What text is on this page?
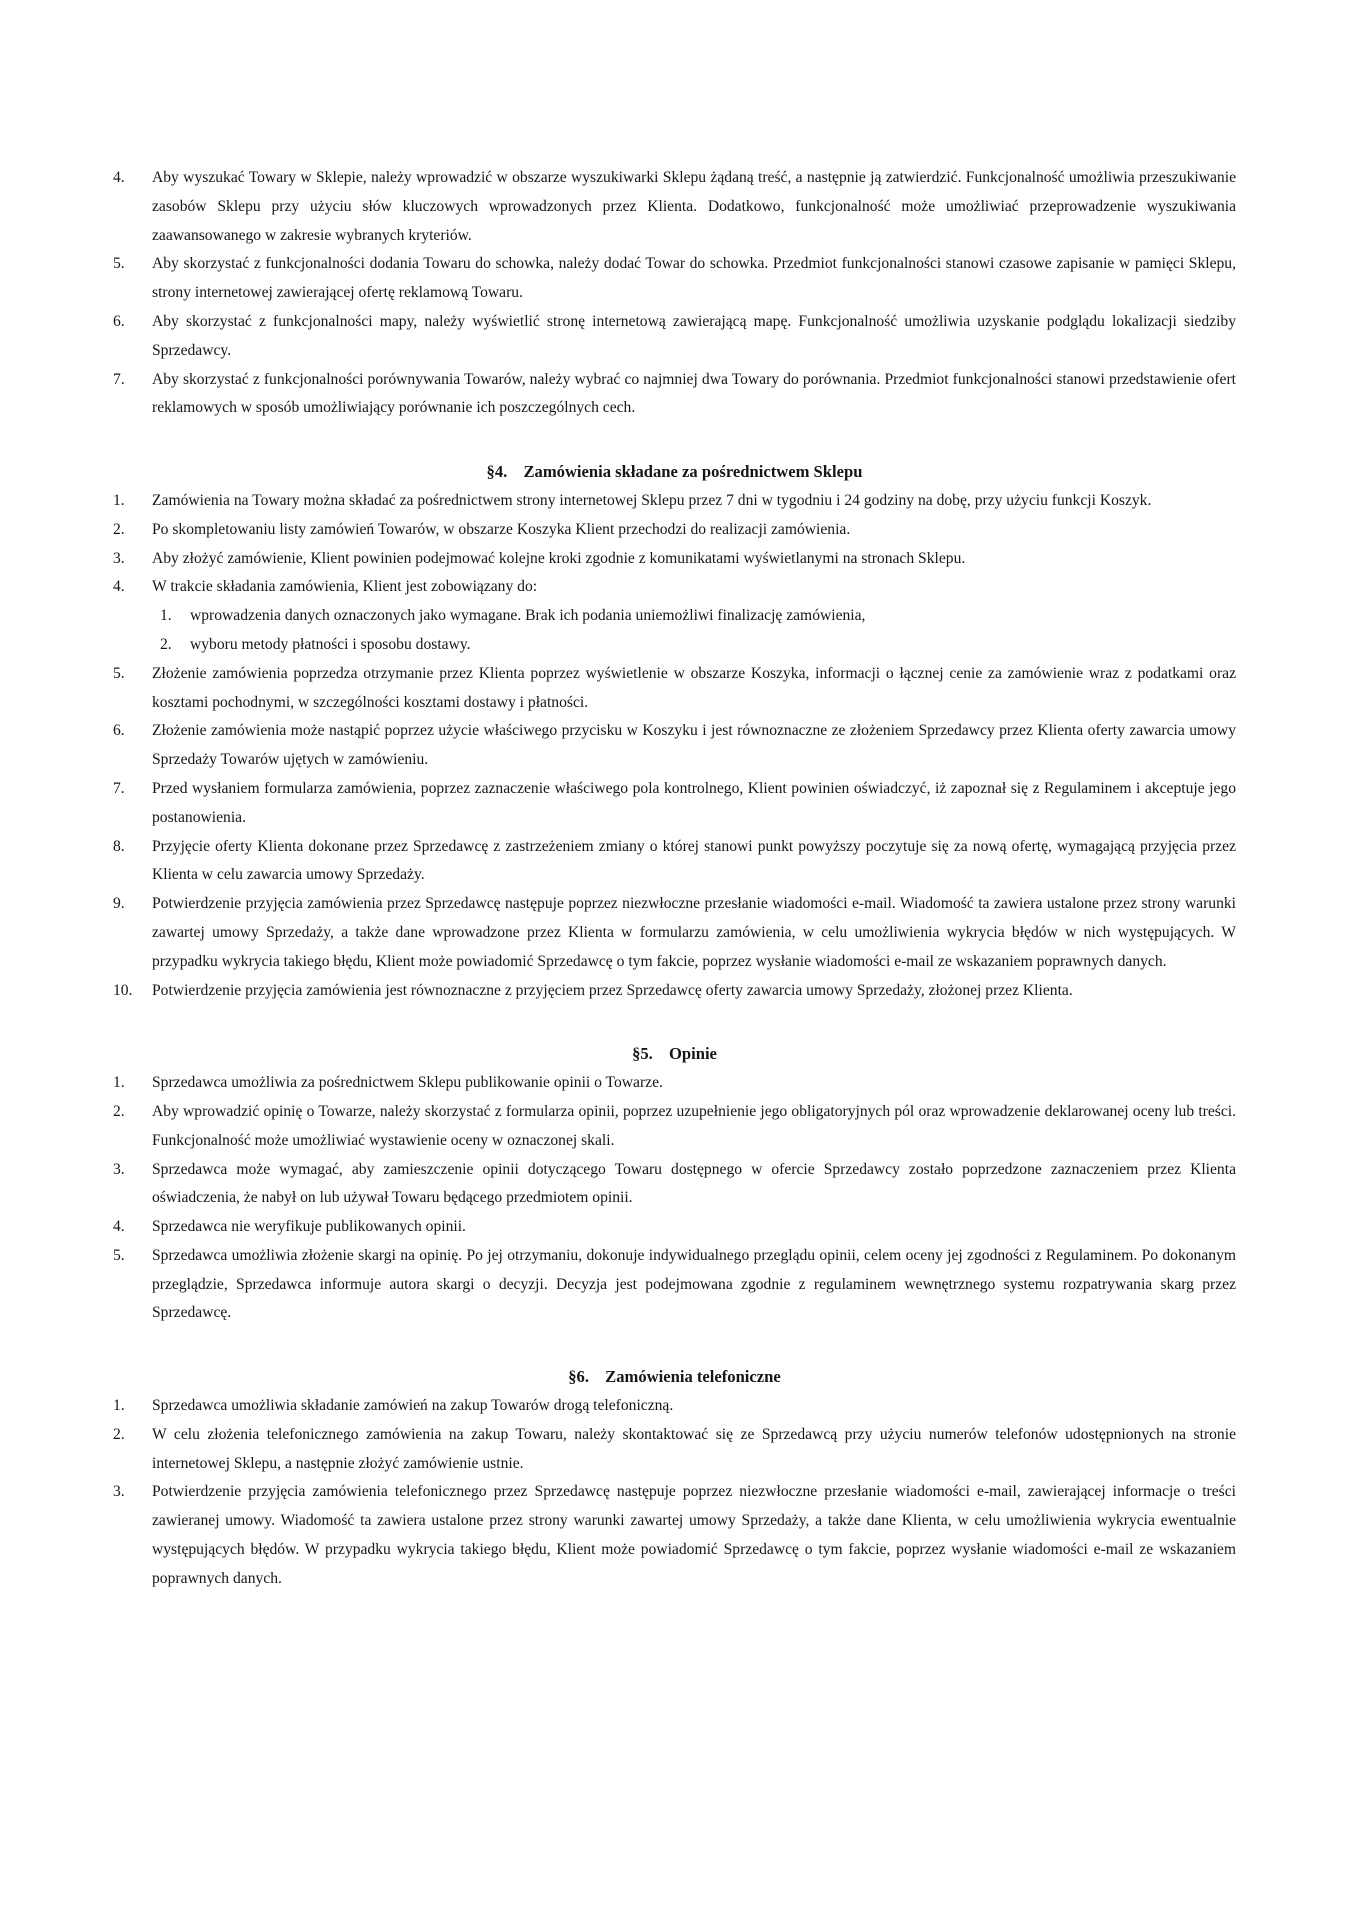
4. Aby wyszukać Towary w Sklepie, należy wprowadzić w obszarze wyszukiwarki Sklepu żądaną treść, a następnie ją zatwierdzić. Funkcjonalność umożliwia przeszukiwanie zasobów Sklepu przy użyciu słów kluczowych wprowadzonych przez Klienta. Dodatkowo, funkcjonalność może umożliwiać przeprowadzenie wyszukiwania zaawansowanego w zakresie wybranych kryteriów.
5. Aby skorzystać z funkcjonalności dodania Towaru do schowka, należy dodać Towar do schowka. Przedmiot funkcjonalności stanowi czasowe zapisanie w pamięci Sklepu, strony internetowej zawierającej ofertę reklamową Towaru.
6. Aby skorzystać z funkcjonalności mapy, należy wyświetlić stronę internetową zawierającą mapę. Funkcjonalność umożliwia uzyskanie podglądu lokalizacji siedziby Sprzedawcy.
7. Aby skorzystać z funkcjonalności porównywania Towarów, należy wybrać co najmniej dwa Towary do porównania. Przedmiot funkcjonalności stanowi przedstawienie ofert reklamowych w sposób umożliwiający porównanie ich poszczególnych cech.
§4. Zamówienia składane za pośrednictwem Sklepu
1. Zamówienia na Towary można składać za pośrednictwem strony internetowej Sklepu przez 7 dni w tygodniu i 24 godziny na dobę, przy użyciu funkcji Koszyk.
2. Po skompletowaniu listy zamówień Towarów, w obszarze Koszyka Klient przechodzi do realizacji zamówienia.
3. Aby złożyć zamówienie, Klient powinien podejmować kolejne kroki zgodnie z komunikatami wyświetlanymi na stronach Sklepu.
4. W trakcie składania zamówienia, Klient jest zobowiązany do:
1. wprowadzenia danych oznaczonych jako wymagane. Brak ich podania uniemożliwi finalizację zamówienia,
2. wyboru metody płatności i sposobu dostawy.
5. Złożenie zamówienia poprzedza otrzymanie przez Klienta poprzez wyświetlenie w obszarze Koszyka, informacji o łącznej cenie za zamówienie wraz z podatkami oraz kosztami pochodnymi, w szczególności kosztami dostawy i płatności.
6. Złożenie zamówienia może nastąpić poprzez użycie właściwego przycisku w Koszyku i jest równoznaczne ze złożeniem Sprzedawcy przez Klienta oferty zawarcia umowy Sprzedaży Towarów ujętych w zamówieniu.
7. Przed wysłaniem formularza zamówienia, poprzez zaznaczenie właściwego pola kontrolnego, Klient powinien oświadczyć, iż zapoznał się z Regulaminem i akceptuje jego postanowienia.
8. Przyjęcie oferty Klienta dokonane przez Sprzedawcę z zastrzeżeniem zmiany o której stanowi punkt powyższy poczytuje się za nową ofertę, wymagającą przyjęcia przez Klienta w celu zawarcia umowy Sprzedaży.
9. Potwierdzenie przyjęcia zamówienia przez Sprzedawcę następuje poprzez niezwłoczne przesłanie wiadomości e-mail. Wiadomość ta zawiera ustalone przez strony warunki zawartej umowy Sprzedaży, a także dane wprowadzone przez Klienta w formularzu zamówienia, w celu umożliwienia wykrycia błędów w nich występujących. W przypadku wykrycia takiego błędu, Klient może powiadomić Sprzedawcę o tym fakcie, poprzez wysłanie wiadomości e-mail ze wskazaniem poprawnych danych.
10. Potwierdzenie przyjęcia zamówienia jest równoznaczne z przyjęciem przez Sprzedawcę oferty zawarcia umowy Sprzedaży, złożonej przez Klienta.
§5. Opinie
1. Sprzedawca umożliwia za pośrednictwem Sklepu publikowanie opinii o Towarze.
2. Aby wprowadzić opinię o Towarze, należy skorzystać z formularza opinii, poprzez uzupełnienie jego obligatoryjnych pól oraz wprowadzenie deklarowanej oceny lub treści. Funkcjonalność może umożliwiać wystawienie oceny w oznaczonej skali.
3. Sprzedawca może wymagać, aby zamieszczenie opinii dotyczącego Towaru dostępnego w ofercie Sprzedawcy zostało poprzedzone zaznaczeniem przez Klienta oświadczenia, że nabył on lub używał Towaru będącego przedmiotem opinii.
4. Sprzedawca nie weryfikuje publikowanych opinii.
5. Sprzedawca umożliwia złożenie skargi na opinię. Po jej otrzymaniu, dokonuje indywidualnego przeglądu opinii, celem oceny jej zgodności z Regulaminem. Po dokonanym przeglądzie, Sprzedawca informuje autora skargi o decyzji. Decyzja jest podejmowana zgodnie z regulaminem wewnętrznego systemu rozpatrywania skarg przez Sprzedawcę.
§6. Zamówienia telefoniczne
1. Sprzedawca umożliwia składanie zamówień na zakup Towarów drogą telefoniczną.
2. W celu złożenia telefonicznego zamówienia na zakup Towaru, należy skontaktować się ze Sprzedawcą przy użyciu numerów telefonów udostępnionych na stronie internetowej Sklepu, a następnie złożyć zamówienie ustnie.
3. Potwierdzenie przyjęcia zamówienia telefonicznego przez Sprzedawcę następuje poprzez niezwłoczne przesłanie wiadomości e-mail, zawierającej informacje o treści zawieranej umowy. Wiadomość ta zawiera ustalone przez strony warunki zawartej umowy Sprzedaży, a także dane Klienta, w celu umożliwienia wykrycia ewentualnie występujących błędów. W przypadku wykrycia takiego błędu, Klient może powiadomić Sprzedawcę o tym fakcie, poprzez wysłanie wiadomości e-mail ze wskazaniem poprawnych danych.
